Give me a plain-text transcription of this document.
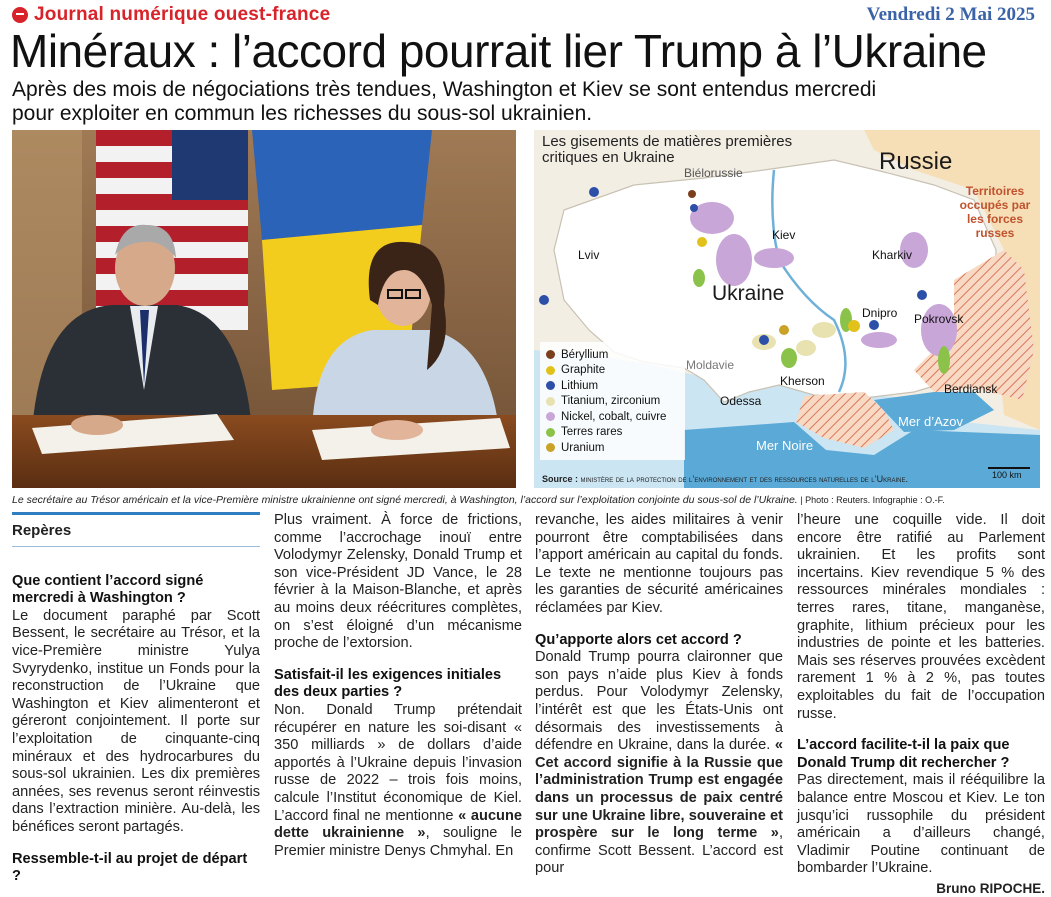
Journal numérique ouest-france	Vendredi 2 Mai 2025
Minéraux : l’accord pourrait lier Trump à l’Ukraine

Après des mois de négociations très tendues, Washington et Kiev se sont entendus mercredi pour exploiter en commun les richesses du sous-sol ukrainien.

Les gisements de matières premières critiques en Ukraine	Russie
Ukraine
Biélorussie
Moldavie
Territoires occupés par les forces russes
Kiev
Lviv	Kharkiv
Dnipro Pokrovsk
Kherson
Odessa
Berdiansk
Mer Noire
Mer d’Azov
100 km
Béryllium
Graphite
Lithium
Titanium, zirconium
Nickel, cobalt, cuivre
Terres rares
Uranium
Source : ministère de la protection de l’environnement et des ressources naturelles de l’Ukraine.
Le secrétaire au Trésor américain et la vice-Première ministre ukrainienne ont signé mercredi, à Washington, l’accord sur l’exploitation conjointe du sous-sol de l’Ukraine. | Photo : Reuters. Infographie : O.-F.
Repères
Que contient l’accord signé mercredi à Washington ?

Le document paraphé par Scott Bessent, le secrétaire au Trésor, et la vice-Première ministre Yulya Svyrydenko, institue un Fonds pour la reconstruction de l’Ukraine que Washington et Kiev alimenteront et géreront conjointement. Il porte sur l’exploitation de cinquante-cinq minéraux et des hydrocarbures du sous-sol ukrainien. Les dix premières années, ses revenus seront réinvestis dans l’extraction minière. Au-delà, les bénéfices seront partagés.

Ressemble-t-il au projet de départ ?

Plus vraiment. À force de frictions, comme l’accrochage inouï entre Volodymyr Zelensky, Donald Trump et son vice-Président JD Vance, le 28 février à la Maison-Blanche, et après au moins deux réécritures complètes, on s’est éloigné d’un mécanisme proche de l’extorsion.

Satisfait-il les exigences initiales des deux parties ?

Non. Donald Trump prétendait récupérer en nature les soi-disant « 350 milliards » de dollars d’aide apportés à l’Ukraine depuis l’invasion russe de 2022 – trois fois moins, calcule l’Institut économique de Kiel. L’accord final ne mentionne « aucune dette ukrainienne », souligne le Premier ministre Denys Chmyhal. En

revanche, les aides militaires à venir pourront être comptabilisées dans l’apport américain au capital du fonds. Le texte ne mentionne toujours pas les garanties de sécurité américaines réclamées par Kiev.

Qu’apporte alors cet accord ?

Donald Trump pourra claironner que son pays n’aide plus Kiev à fonds perdus. Pour Volodymyr Zelensky, l’intérêt est que les États-Unis ont désormais des investissements à défendre en Ukraine, dans la durée. « Cet accord signifie à la Russie que l’administration Trump est engagée dans un processus de paix centré sur une Ukraine libre, souveraine et prospère sur le long terme », confirme Scott Bessent. L’accord est pour

l’heure une coquille vide. Il doit encore être ratifié au Parlement ukrainien. Et les profits sont incertains. Kiev revendique 5 % des ressources minérales mondiales : terres rares, titane, manganèse, graphite, lithium précieux pour les industries de pointe et les batteries. Mais ses réserves prouvées excèdent rarement 1 % à 2 %, pas toutes exploitables du fait de l’occupation russe.

L’accord facilite-t-il la paix que Donald Trump dit rechercher ?

Pas directement, mais il rééquilibre la balance entre Moscou et Kiev. Le ton jusqu’ici russophile du président américain a d’ailleurs changé, Vladimir Poutine continuant de bombarder l’Ukraine.

Bruno RIPOCHE.
